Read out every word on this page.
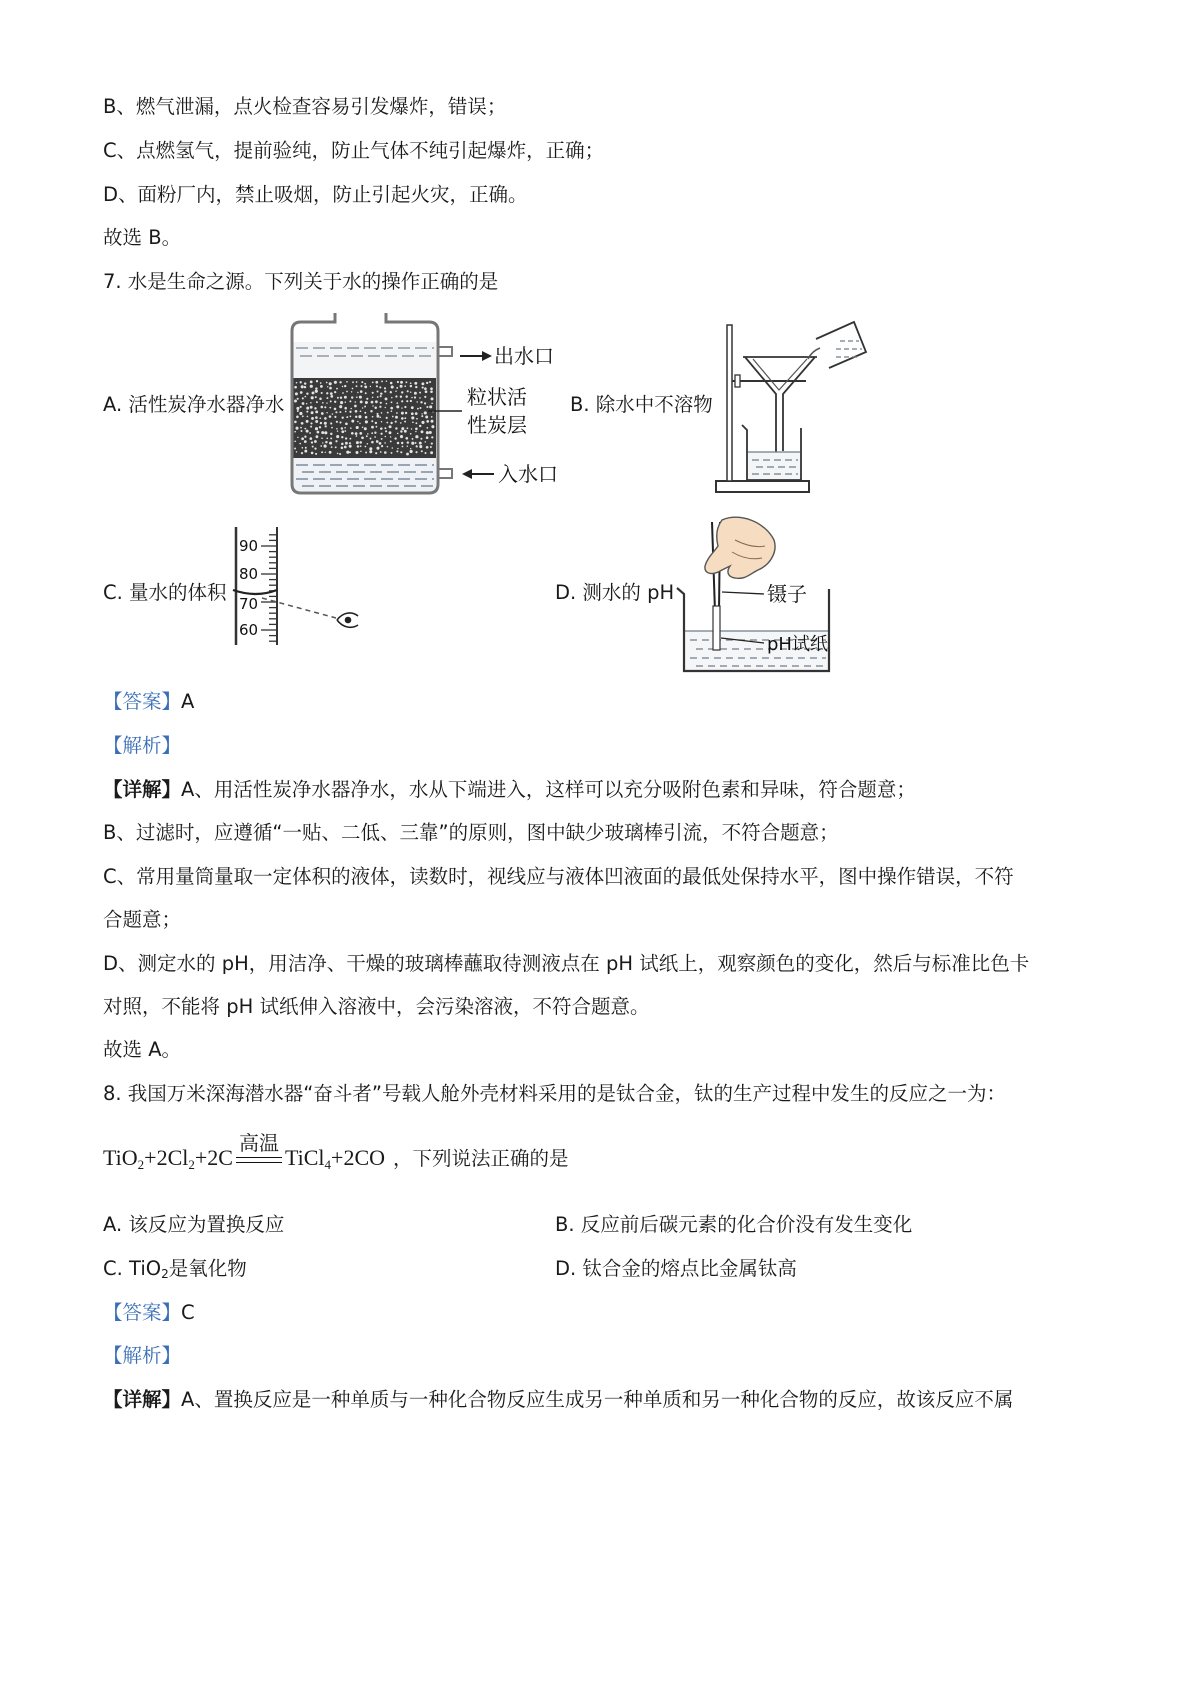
B、燃气泄漏，点火检查容易引发爆炸，错误；
C、点燃氢气，提前验纯，防止气体不纯引起爆炸，正确；
D、面粉厂内，禁止吸烟，防止引起火灾，正确。
故选 B。
7. 水是生命之源。下列关于水的操作正确的是
A. 活性炭净水器净水	B. 除水中不溶物
C. 量水的体积	D. 测水的 pH
出水口
粒状活
性炭层
入水口
90
80
70
60
镊子
pH试纸
【答案】A
【解析】
【详解】A、用活性炭净水器净水，水从下端进入，这样可以充分吸附色素和异味，符合题意；
B、过滤时，应遵循“一贴、二低、三靠”的原则，图中缺少玻璃棒引流，不符合题意；
C、常用量筒量取一定体积的液体，读数时，视线应与液体凹液面的最低处保持水平，图中操作错误，不符
合题意；
D、测定水的 pH，用洁净、干燥的玻璃棒蘸取待测液点在 pH 试纸上，观察颜色的变化，然后与标准比色卡
对照，不能将 pH 试纸伸入溶液中，会污染溶液，不符合题意。
故选 A。
8. 我国万米深海潜水器“奋斗者”号载人舱外壳材料采用的是钛合金，钛的生产过程中发生的反应之一为：
$TiO_2+2Cl_2+2C$
高温
TiCl$_4$+2CO ，下列说法正确的是
A. 该反应为置换反应	B. 反应前后碳元素的化合价没有发生变化
C. TiO$_2$是氧化物	D. 钛合金的熔点比金属钛高
【答案】C
【解析】
【详解】A、置换反应是一种单质与一种化合物反应生成另一种单质和另一种化合物的反应，故该反应不属
